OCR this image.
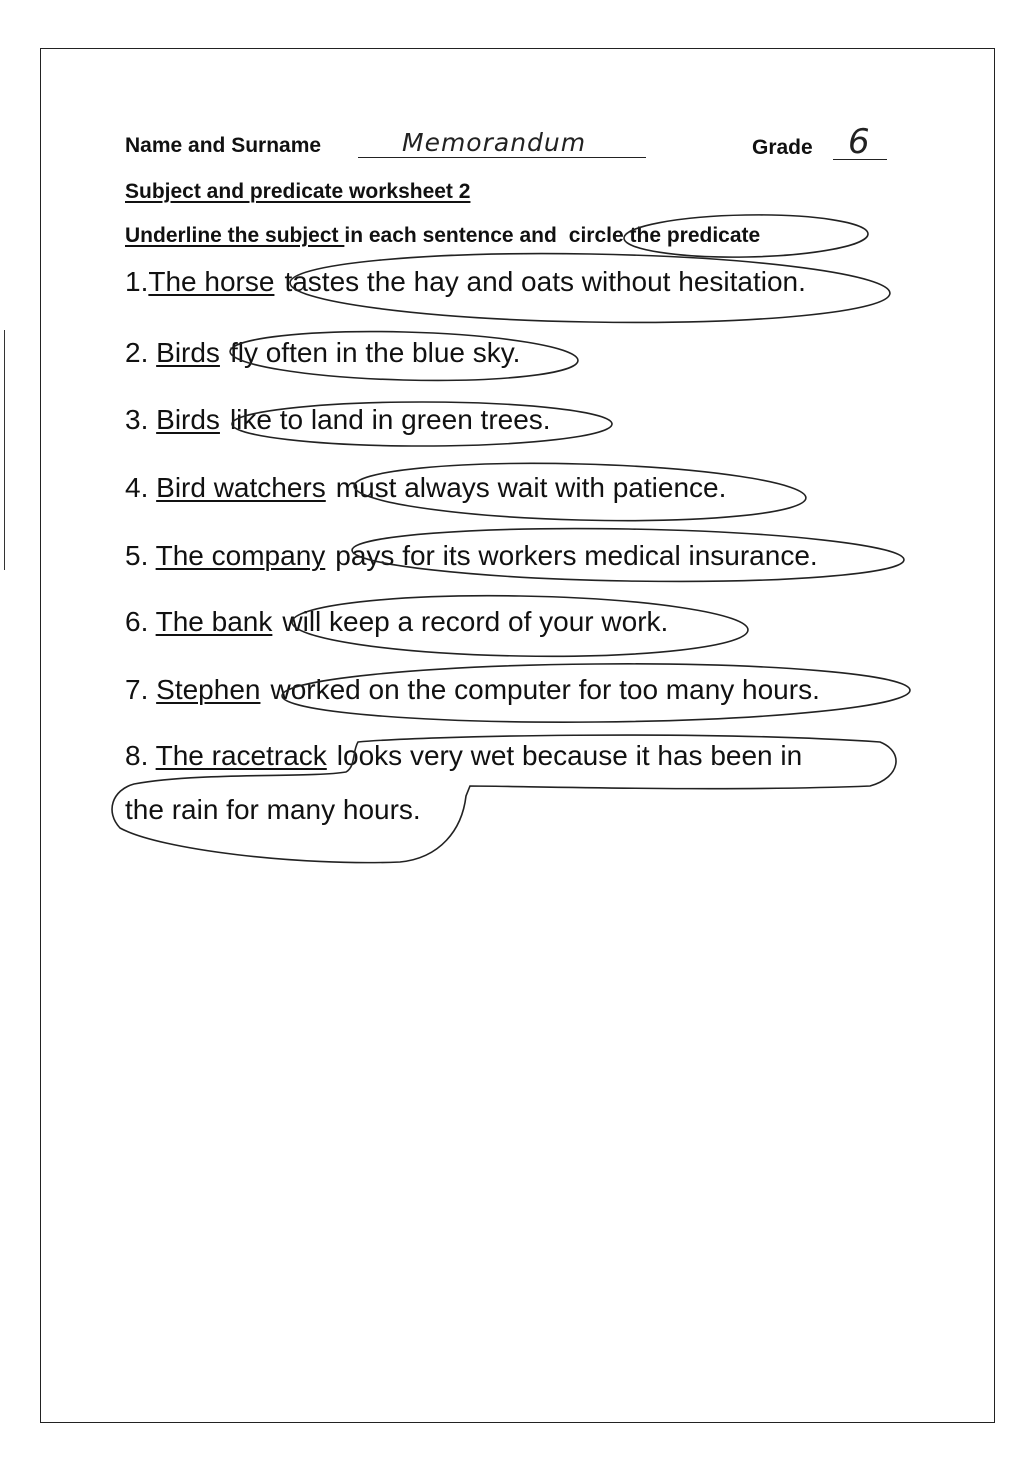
Name and Surname	Memorandum	Grade 6
Subject and predicate worksheet 2
Underline the subject in each sentence and circle the predicate
1.The horse tastes the hay and oats without hesitation.
2. Birds fly often in the blue sky.
3. Birds like to land in green trees.
4. Bird watchers must always wait with patience.
5. The company pays for its workers medical insurance.
6. The bank will keep a record of your work.
7. Stephen worked on the computer for too many hours.
8. The racetrack looks very wet because it has been in
the rain for many hours.
